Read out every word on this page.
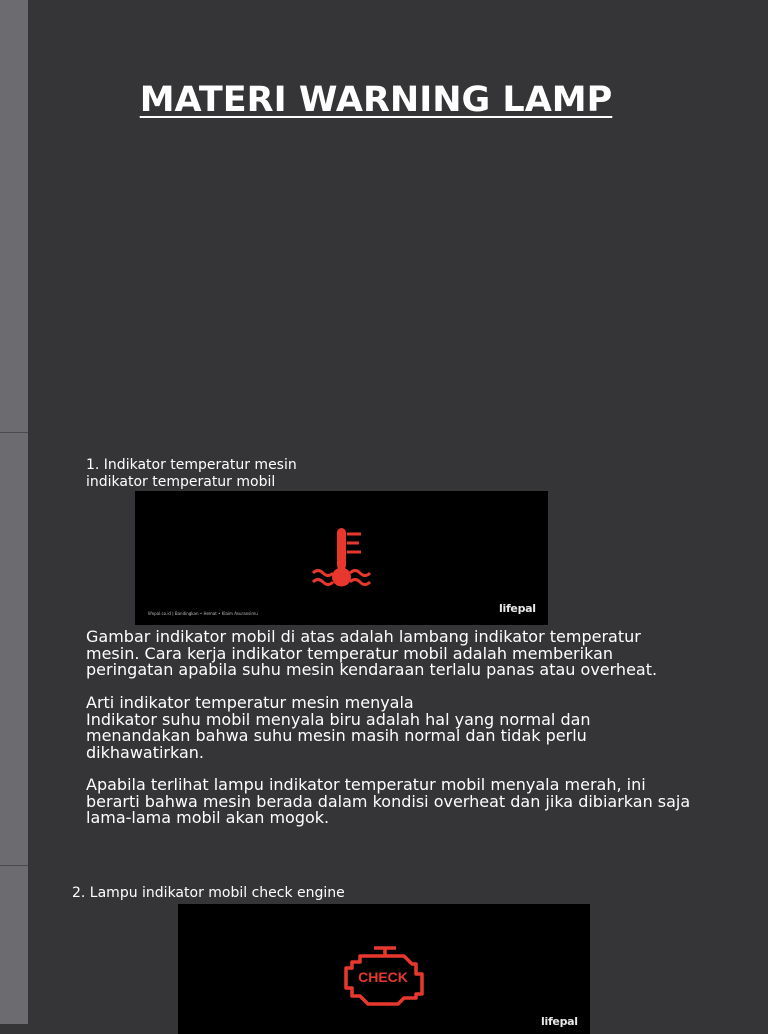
MATERI WARNING LAMP
1. Indikator temperatur mesin
indikator temperatur mobil
lifepal.co.id | Bandingkan • Hemat • Klaim Asuransimu	lifepal
Gambar indikator mobil di atas adalah lambang indikator temperatur
mesin. Cara kerja indikator temperatur mobil adalah memberikan
peringatan apabila suhu mesin kendaraan terlalu panas atau overheat.
Arti indikator temperatur mesin menyala
Indikator suhu mobil menyala biru adalah hal yang normal dan
menandakan bahwa suhu mesin masih normal dan tidak perlu
dikhawatirkan.
Apabila terlihat lampu indikator temperatur mobil menyala merah, ini
berarti bahwa mesin berada dalam kondisi overheat dan jika dibiarkan saja
lama-lama mobil akan mogok.
2. Lampu indikator mobil check engine
CHECK
lifepal
